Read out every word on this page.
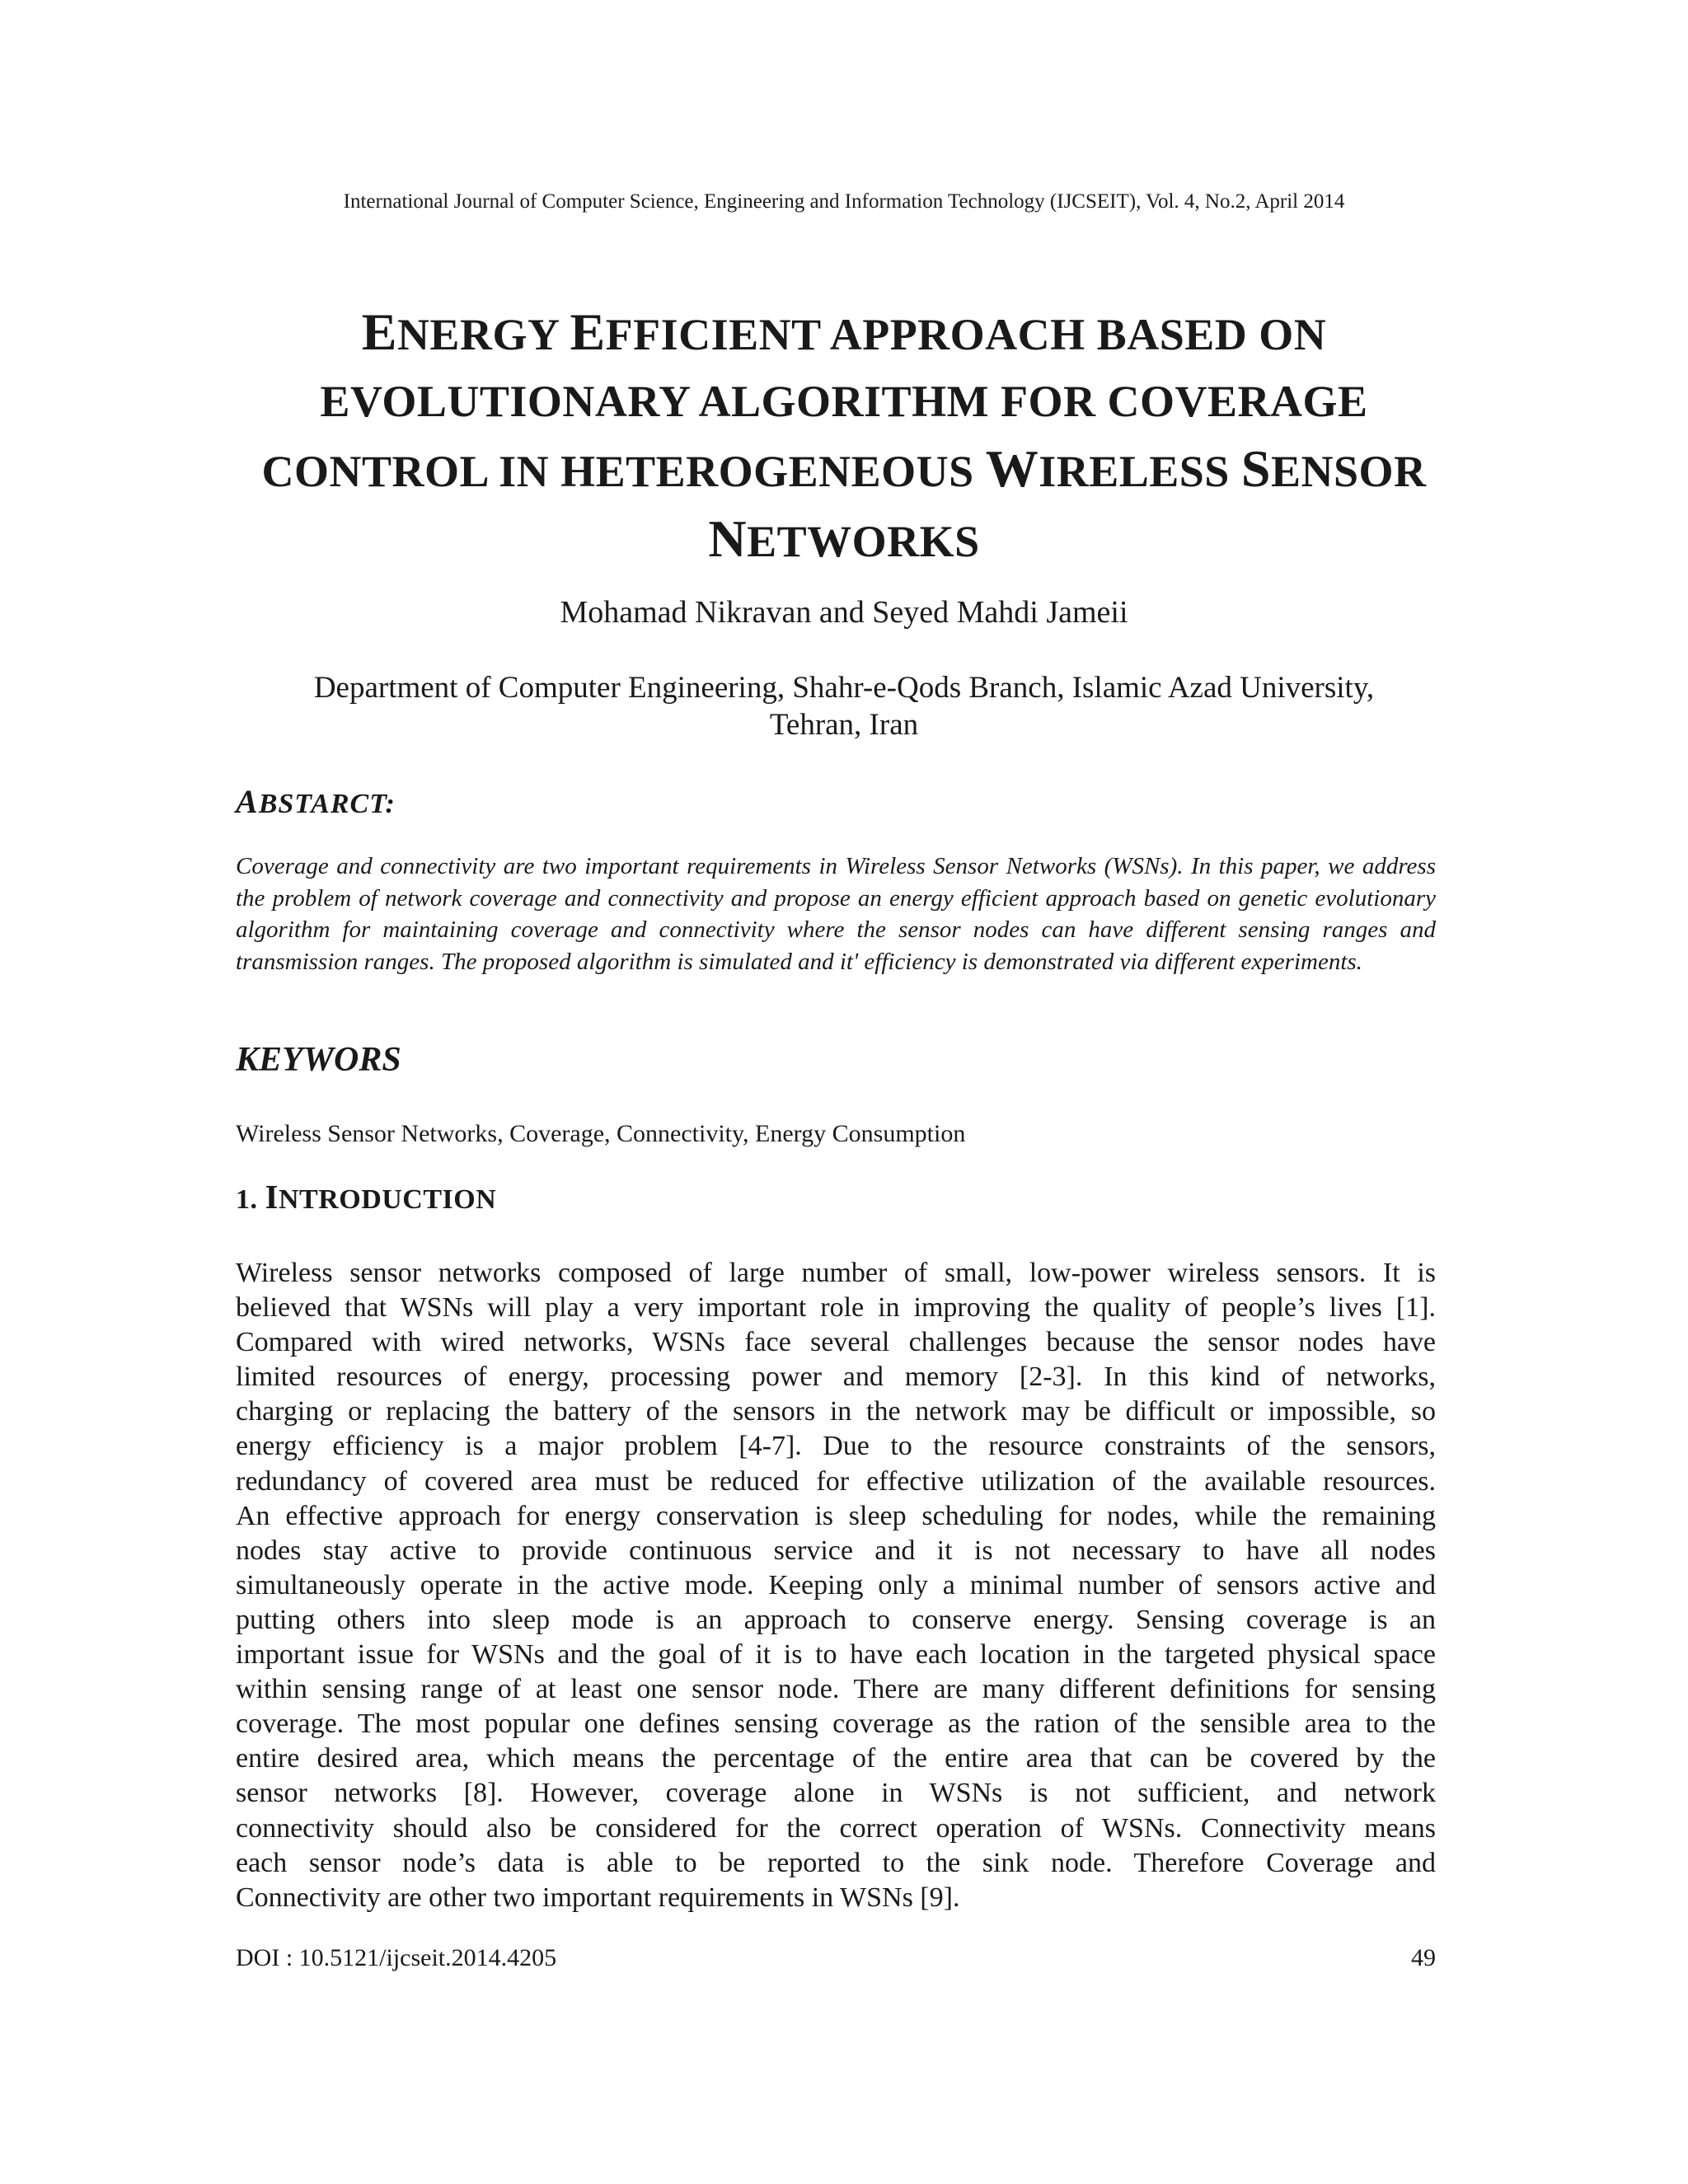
International Journal of Computer Science, Engineering and Information Technology (IJCSEIT), Vol. 4, No.2, April 2014
ENERGY EFFICIENT APPROACH BASED ON
EVOLUTIONARY ALGORITHM FOR COVERAGE
CONTROL IN HETEROGENEOUS WIRELESS SENSOR
NETWORKS
Mohamad Nikravan and Seyed Mahdi Jameii
Department of Computer Engineering, Shahr-e-Qods Branch, Islamic Azad University,
Tehran, Iran
ABSTARCT:
Coverage and connectivity are two important requirements in Wireless Sensor Networks (WSNs). In this paper, we address the problem of network coverage and connectivity and propose an energy efficient approach based on genetic evolutionary algorithm for maintaining coverage and connectivity where the sensor nodes can have different sensing ranges and transmission ranges. The proposed algorithm is simulated and it' efficiency is demonstrated via different experiments.
KEYWORS
Wireless Sensor Networks, Coverage, Connectivity, Energy Consumption
1. INTRODUCTION
Wireless sensor networks composed of large number of small, low-power wireless sensors. It is
believed that WSNs will play a very important role in improving the quality of people’s lives [1].
Compared with wired networks, WSNs face several challenges because the sensor nodes have
limited resources of energy, processing power and memory [2-3]. In this kind of networks,
charging or replacing the battery of the sensors in the network may be difficult or impossible, so
energy efficiency is a major problem [4-7]. Due to the resource constraints of the sensors,
redundancy of covered area must be reduced for effective utilization of the available resources.
An effective approach for energy conservation is sleep scheduling for nodes, while the remaining
nodes stay active to provide continuous service and it is not necessary to have all nodes
simultaneously operate in the active mode. Keeping only a minimal number of sensors active and
putting others into sleep mode is an approach to conserve energy. Sensing coverage is an
important issue for WSNs and the goal of it is to have each location in the targeted physical space
within sensing range of at least one sensor node. There are many different definitions for sensing
coverage. The most popular one defines sensing coverage as the ration of the sensible area to the
entire desired area, which means the percentage of the entire area that can be covered by the
sensor networks [8]. However, coverage alone in WSNs is not sufficient, and network
connectivity should also be considered for the correct operation of WSNs. Connectivity means
each sensor node’s data is able to be reported to the sink node. Therefore Coverage and
Connectivity are other two important requirements in WSNs [9].
DOI : 10.5121/ijcseit.2014.4205	49
